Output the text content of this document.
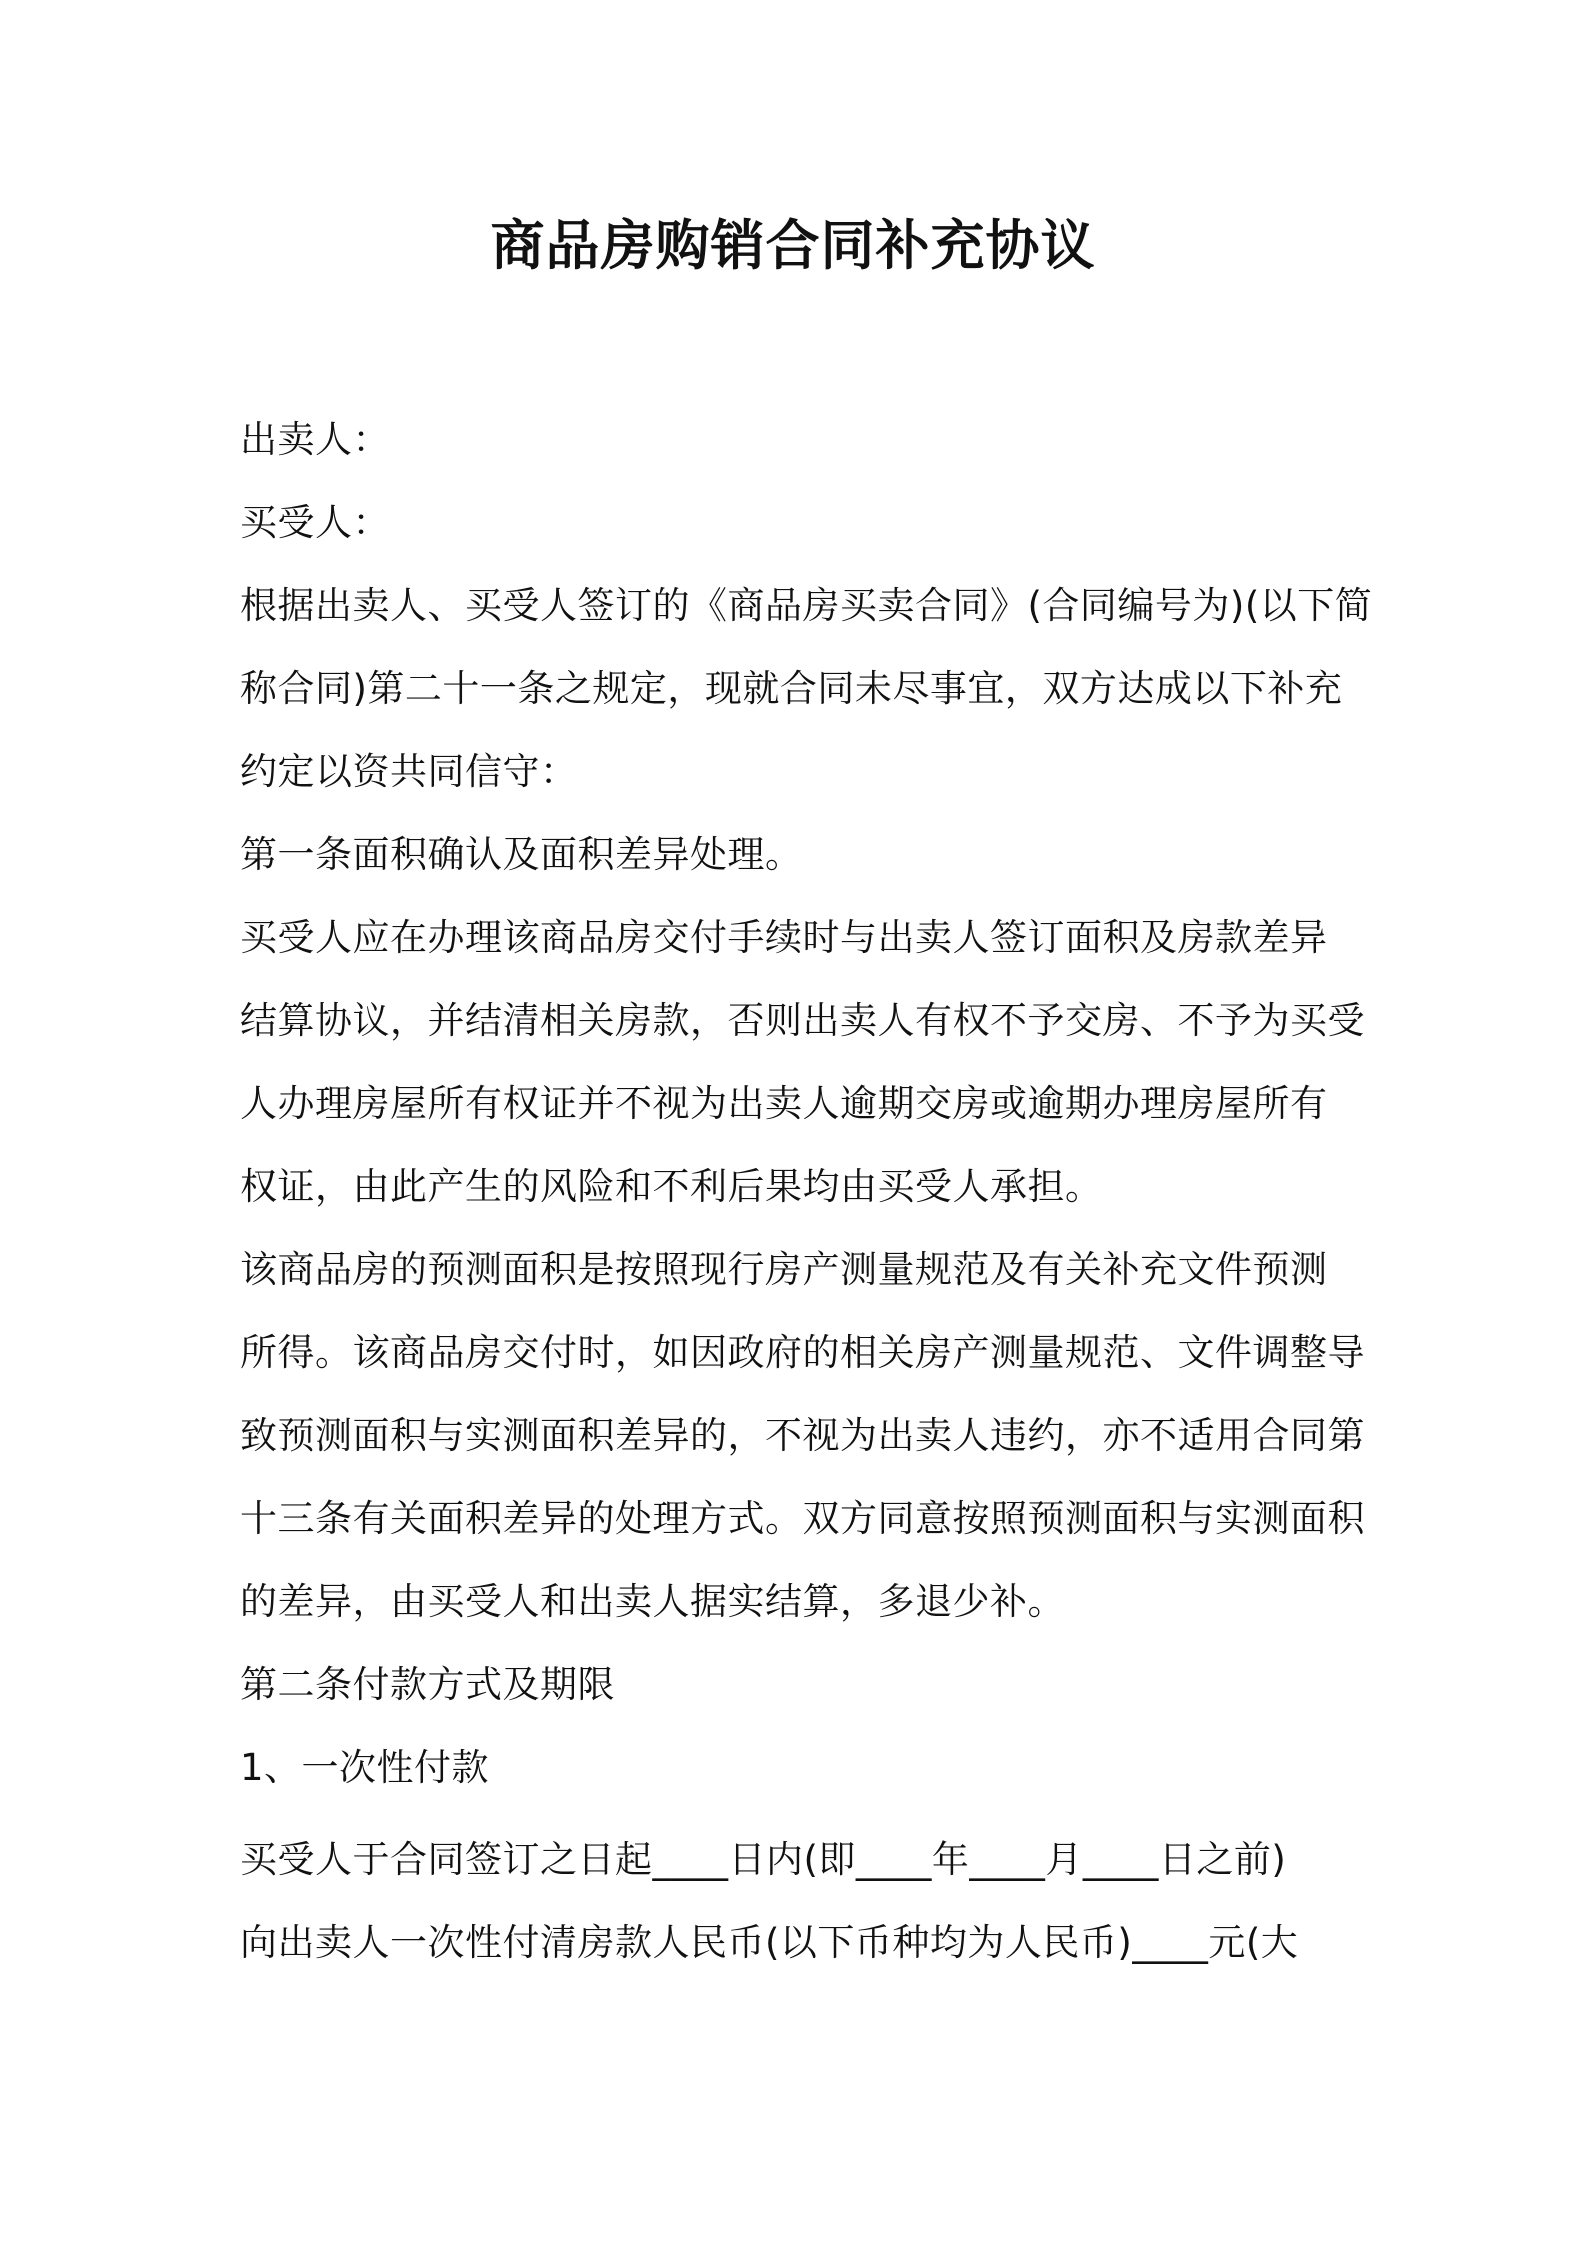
商品房购销合同补充协议
出卖人：
买受人：
根据出卖人、买受人签订的《商品房买卖合同》(合同编号为)(以下简
称合同)第二十一条之规定，现就合同未尽事宜，双方达成以下补充
约定以资共同信守：
第一条面积确认及面积差异处理。
买受人应在办理该商品房交付手续时与出卖人签订面积及房款差异
结算协议，并结清相关房款，否则出卖人有权不予交房、不予为买受
人办理房屋所有权证并不视为出卖人逾期交房或逾期办理房屋所有
权证，由此产生的风险和不利后果均由买受人承担。
该商品房的预测面积是按照现行房产测量规范及有关补充文件预测
所得。该商品房交付时，如因政府的相关房产测量规范、文件调整导
致预测面积与实测面积差异的，不视为出卖人违约，亦不适用合同第
十三条有关面积差异的处理方式。双方同意按照预测面积与实测面积
的差异，由买受人和出卖人据实结算，多退少补。
第二条付款方式及期限
1、一次性付款
买受人于合同签订之日起____日内(即____年____月____日之前)
向出卖人一次性付清房款人民币(以下币种均为人民币)____元(大
